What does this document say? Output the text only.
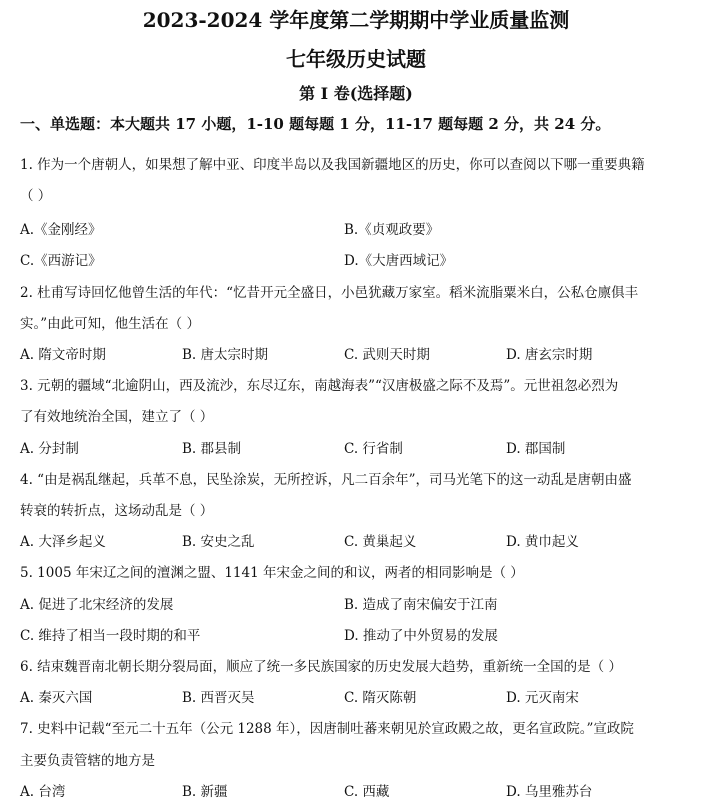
2023-2024 学年度第二学期期中学业质量监测
七年级历史试题
第 I 卷(选择题)
一、单选题：本大题共 17 小题，1-10 题每题 1 分，11-17 题每题 2 分，共 24 分。
1. 作为一个唐朝人，如果想了解中亚、印度半岛以及我国新疆地区的历史，你可以查阅以下哪一重要典籍
（ ）
A.《金刚经》	B.《贞观政要》
C.《西游记》	D.《大唐西域记》
2. 杜甫写诗回忆他曾生活的年代：“忆昔开元全盛日，小邑犹藏万家室。稻米流脂粟米白，公私仓廪俱丰
实。”由此可知，他生活在（ ）
A. 隋文帝时期	B. 唐太宗时期	C. 武则天时期	D. 唐玄宗时期
3. 元朝的疆域“北逾阴山，西及流沙，东尽辽东，南越海表”“汉唐极盛之际不及焉”。元世祖忽必烈为
了有效地统治全国，建立了（ ）
A. 分封制	B. 郡县制	C. 行省制	D. 郡国制
4. “由是祸乱继起，兵革不息，民坠涂炭，无所控诉，凡二百余年”，司马光笔下的这一动乱是唐朝由盛
转衰的转折点，这场动乱是（ ）
A. 大泽乡起义	B. 安史之乱	C. 黄巢起义	D. 黄巾起义
5. 1005 年宋辽之间的澶渊之盟、1141 年宋金之间的和议，两者的相同影响是（ ）
A. 促进了北宋经济的发展	B. 造成了南宋偏安于江南
C. 维持了相当一段时期的和平	D. 推动了中外贸易的发展
6. 结束魏晋南北朝长期分裂局面，顺应了统一多民族国家的历史发展大趋势，重新统一全国的是（ ）
A. 秦灭六国	B. 西晋灭吴	C. 隋灭陈朝	D. 元灭南宋
7. 史料中记载“至元二十五年（公元 1288 年），因唐制吐蕃来朝见於宣政殿之故，更名宣政院。”宣政院
主要负责管辖的地方是
A. 台湾	B. 新疆	C. 西藏	D. 乌里雅苏台
